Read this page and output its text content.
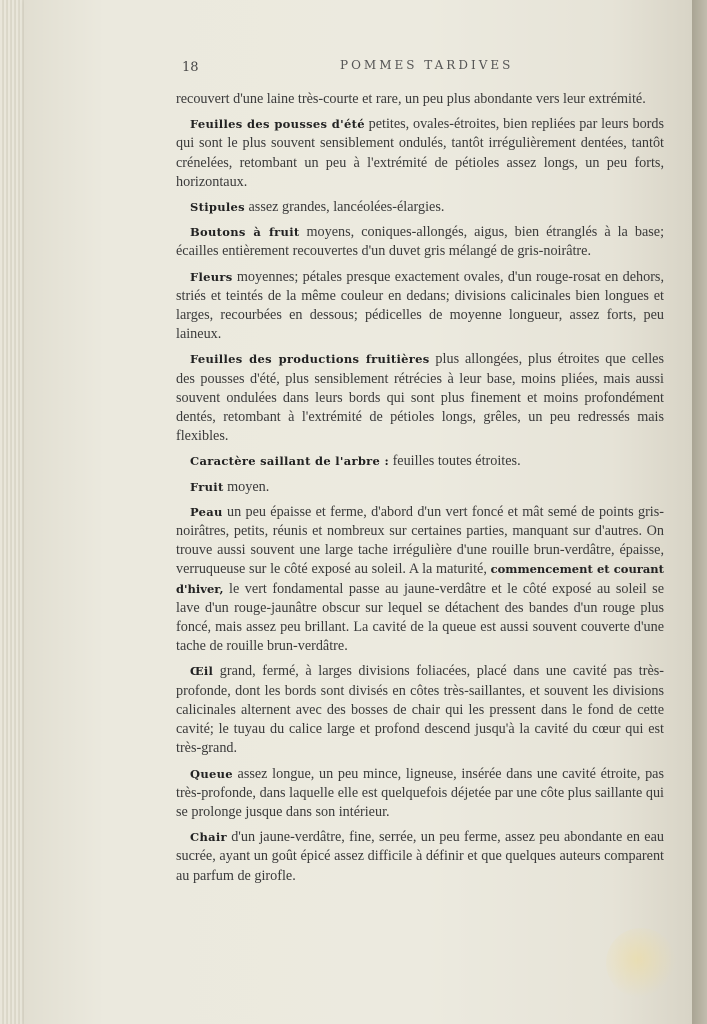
18	POMMES TARDIVES

recouvert d'une laine très-courte et rare, un peu plus abondante vers leur extrémité.

Feuilles des pousses d'été petites, ovales-étroites, bien repliées par leurs bords qui sont le plus souvent sensiblement ondulés, tantôt irrégulièrement dentées, tantôt crénelées, retombant un peu à l'extrémité de pétioles assez longs, un peu forts, horizontaux.

Stipules assez grandes, lancéolées-élargies.

Boutons à fruit moyens, coniques-allongés, aigus, bien étranglés à la base; écailles entièrement recouvertes d'un duvet gris mélangé de gris-noirâtre.

Fleurs moyennes; pétales presque exactement ovales, d'un rouge-rosat en dehors, striés et teintés de la même couleur en dedans; divisions calicinales bien longues et larges, recourbées en dessous; pédicelles de moyenne longueur, assez forts, peu laineux.

Feuilles des productions fruitières plus allongées, plus étroites que celles des pousses d'été, plus sensiblement rétrécies à leur base, moins pliées, mais aussi souvent ondulées dans leurs bords qui sont plus finement et moins profondément dentés, retombant à l'extrémité de pétioles longs, grêles, un peu redressés mais flexibles.

Caractère saillant de l'arbre : feuilles toutes étroites.

Fruit moyen.

Peau un peu épaisse et ferme, d'abord d'un vert foncé et mât semé de points gris-noirâtres, petits, réunis et nombreux sur certaines parties, manquant sur d'autres. On trouve aussi souvent une large tache irrégulière d'une rouille brun-verdâtre, épaisse, verruqueuse sur le côté exposé au soleil. A la maturité, commencement et courant d'hiver, le vert fondamental passe au jaune-verdâtre et le côté exposé au soleil se lave d'un rouge-jaunâtre obscur sur lequel se détachent des bandes d'un rouge plus foncé, mais assez peu brillant. La cavité de la queue est aussi souvent couverte d'une tache de rouille brun-verdâtre.

Œil grand, fermé, à larges divisions foliacées, placé dans une cavité pas très-profonde, dont les bords sont divisés en côtes très-saillantes, et souvent les divisions calicinales alternent avec des bosses de chair qui les pressent dans le fond de cette cavité; le tuyau du calice large et profond descend jusqu'à la cavité du cœur qui est très-grand.

Queue assez longue, un peu mince, ligneuse, insérée dans une cavité étroite, pas très-profonde, dans laquelle elle est quelquefois déjetée par une côte plus saillante qui se prolonge jusque dans son intérieur.

Chair d'un jaune-verdâtre, fine, serrée, un peu ferme, assez peu abondante en eau sucrée, ayant un goût épicé assez difficile à définir et que quelques auteurs comparent au parfum de girofle.
